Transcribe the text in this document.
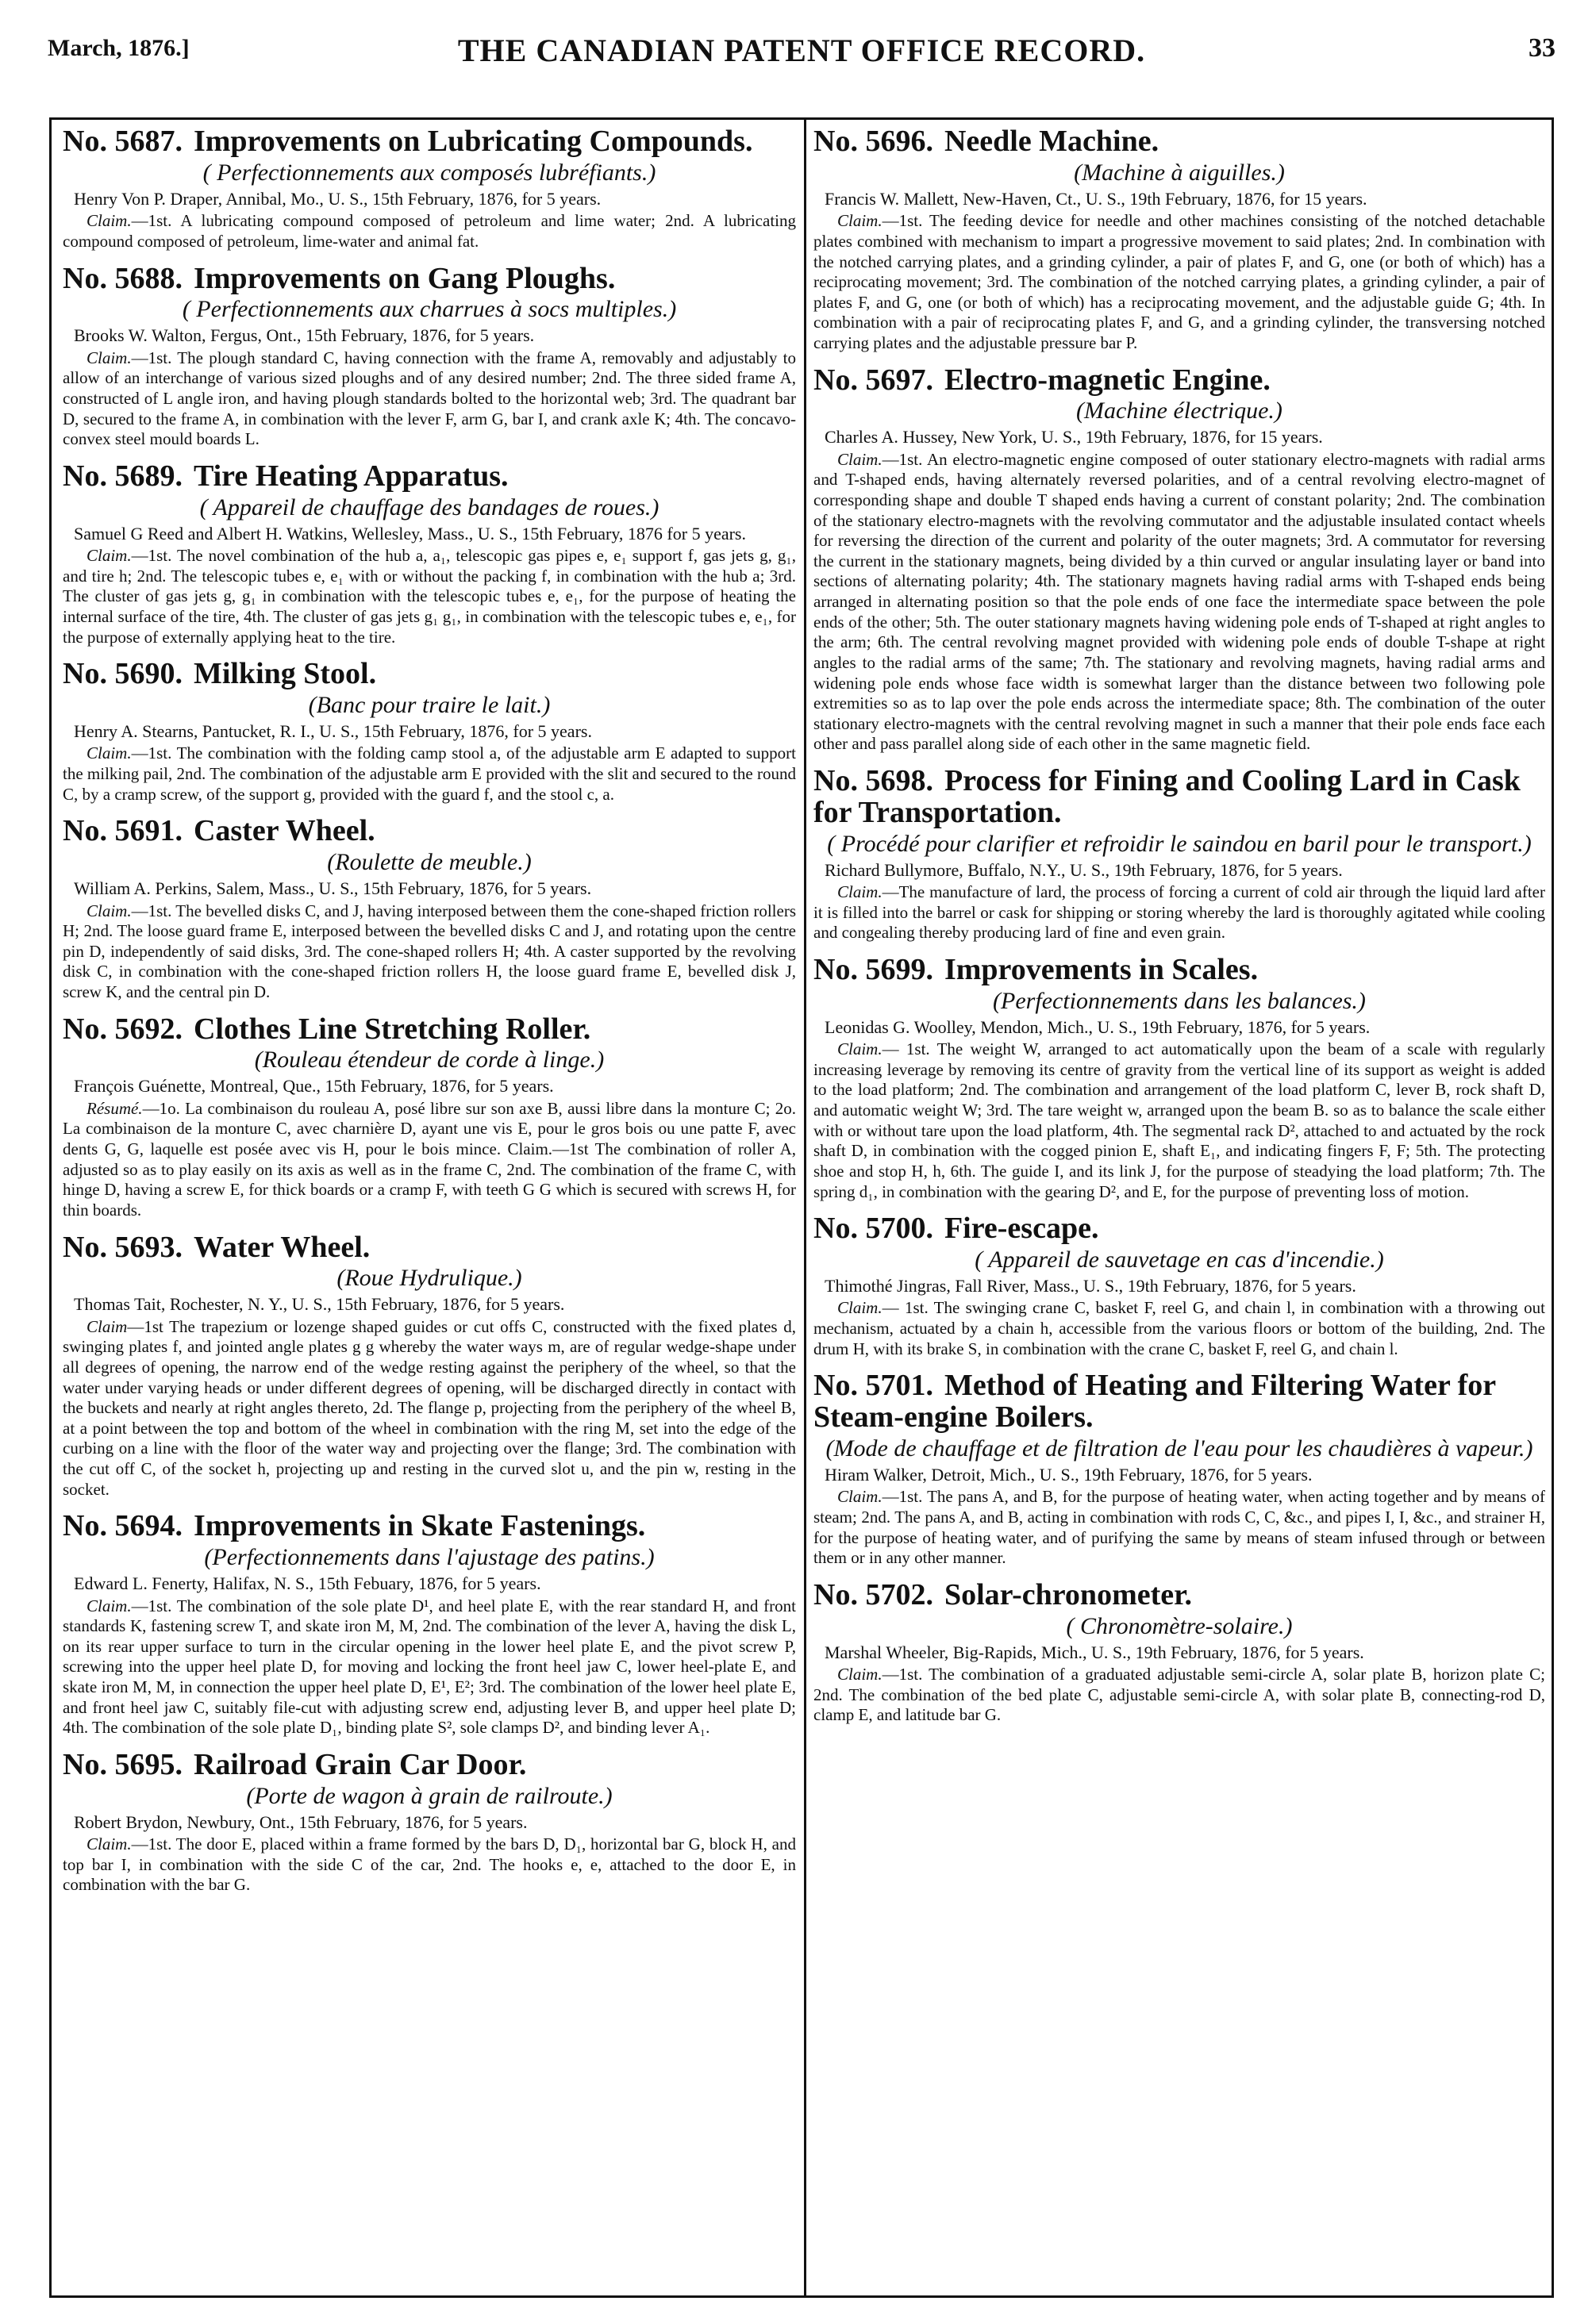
March, 1876.]	THE CANADIAN PATENT OFFICE RECORD.	33
No. 5687. Improvements on Lubricating Compounds.
( Perfectionnements aux composés lubréfiants.)
Henry Von P. Draper, Annibal, Mo., U. S., 15th February, 1876, for 5 years.
Claim.—1st. A lubricating compound composed of petroleum and lime water; 2nd. A lubricating compound composed of petroleum, lime-water and animal fat.
No. 5688. Improvements on Gang Ploughs.
( Perfectionnements aux charrues à socs multiples.)
Brooks W. Walton, Fergus, Ont., 15th February, 1876, for 5 years.
Claim.—1st. The plough standard C, having connection with the frame A, removably and adjustably to allow of an interchange of various sized ploughs and of any desired number; 2nd. The three sided frame A, constructed of L angle iron, and having plough standards bolted to the horizontal web; 3rd. The quadrant bar D, secured to the frame A, in combination with the lever F, arm G, bar I, and crank axle K; 4th. The concavo-convex steel mould boards L.
No. 5689. Tire Heating Apparatus.
( Appareil de chauffage des bandages de roues.)
Samuel G Reed and Albert H. Watkins, Wellesley, Mass., U. S., 15th February, 1876 for 5 years.
Claim.—1st. The novel combination of the hub a, a₁, telescopic gas pipes e, e₁ support f, gas jets g, g₁, and tire h; 2nd. The telescopic tubes e, e₁ with or without the packing f, in combination with the hub a; 3rd. The cluster of gas jets g, g₁ in combination with the telescopic tubes e, e₁, for the purpose of heating the internal surface of the tire, 4th. The cluster of gas jets g₁ g₁, in combination with the telescopic tubes e, e₁, for the purpose of externally applying heat to the tire.
No. 5690. Milking Stool.
(Banc pour traire le lait.)
Henry A. Stearns, Pantucket, R. I., U. S., 15th February, 1876, for 5 years.
Claim.—1st. The combination with the folding camp stool a, of the adjustable arm E adapted to support the milking pail, 2nd. The combination of the adjustable arm E provided with the slit and secured to the round C, by a cramp screw, of the support g, provided with the guard f, and the stool c, a.
No. 5691. Caster Wheel.
(Roulette de meuble.)
William A. Perkins, Salem, Mass., U. S., 15th February, 1876, for 5 years.
Claim.—1st. The bevelled disks C, and J, having interposed between them the cone-shaped friction rollers H; 2nd. The loose guard frame E, interposed between the bevelled disks C and J, and rotating upon the centre pin D, independently of said disks, 3rd. The cone-shaped rollers H; 4th. A caster supported by the revolving disk C, in combination with the cone-shaped friction rollers H, the loose guard frame E, bevelled disk J, screw K, and the central pin D.
No. 5692. Clothes Line Stretching Roller.
(Rouleau étendeur de corde à linge.)
François Guénette, Montreal, Que., 15th February, 1876, for 5 years.
Résumé.—1o. La combinaison du rouleau A, posé libre sur son axe B, aussi libre dans la monture C; 2o. La combinaison de la monture C, avec charnière D, ayant une vis E, pour le gros bois ou une patte F, avec dents G, G, laquelle est posée avec vis H, pour le bois mince. Claim.—1st The combination of roller A, adjusted so as to play easily on its axis as well as in the frame C, 2nd. The combination of the frame C, with hinge D, having a screw E, for thick boards or a cramp F, with teeth G G which is secured with screws H, for thin boards.
No. 5693. Water Wheel.
(Roue Hydrulique.)
Thomas Tait, Rochester, N. Y., U. S., 15th February, 1876, for 5 years.
Claim—1st The trapezium or lozenge shaped guides or cut offs C, constructed with the fixed plates d, swinging plates f, and jointed angle plates g g whereby the water ways m, are of regular wedge-shape under all degrees of opening, the narrow end of the wedge resting against the periphery of the wheel, so that the water under varying heads or under different degrees of opening, will be discharged directly in contact with the buckets and nearly at right angles thereto, 2d. The flange p, projecting from the periphery of the wheel B, at a point between the top and bottom of the wheel in combination with the ring M, set into the edge of the curbing on a line with the floor of the water way and projecting over the flange; 3rd. The combination with the cut off C, of the socket h, projecting up and resting in the curved slot u, and the pin w, resting in the socket.
No. 5694. Improvements in Skate Fastenings.
(Perfectionnements dans l'ajustage des patins.)
Edward L. Fenerty, Halifax, N. S., 15th Febuary, 1876, for 5 years.
Claim.—1st. The combination of the sole plate D¹, and heel plate E, with the rear standard H, and front standards K, fastening screw T, and skate iron M, M, 2nd. The combination of the lever A, having the disk L, on its rear upper surface to turn in the circular opening in the lower heel plate E, and the pivot screw P, screwing into the upper heel plate D, for moving and locking the front heel jaw C, lower heel-plate E, and skate iron M, M, in connection the upper heel plate D, E¹, E²; 3rd. The combination of the lower heel plate E, and front heel jaw C, suitably file-cut with adjusting screw end, adjusting lever B, and upper heel plate D; 4th. The combination of the sole plate D₁, binding plate S², sole clamps D², and binding lever A₁.
No. 5695. Railroad Grain Car Door.
(Porte de wagon à grain de railroute.)
Robert Brydon, Newbury, Ont., 15th February, 1876, for 5 years.
Claim.—1st. The door E, placed within a frame formed by the bars D, D₁, horizontal bar G, block H, and top bar I, in combination with the side C of the car, 2nd. The hooks e, e, attached to the door E, in combination with the bar G.
No. 5696. Needle Machine.
(Machine à aiguilles.)
Francis W. Mallett, New-Haven, Ct., U. S., 19th February, 1876, for 15 years.
Claim.—1st. The feeding device for needle and other machines consisting of the notched detachable plates combined with mechanism to impart a progressive movement to said plates; 2nd. In combination with the notched carrying plates, and a grinding cylinder, a pair of plates F, and G, one (or both of which) has a reciprocating movement; 3rd. The combination of the notched carrying plates, a grinding cylinder, a pair of plates F, and G, one (or both of which) has a reciprocating movement, and the adjustable guide G; 4th. In combination with a pair of reciprocating plates F, and G, and a grinding cylinder, the transversing notched carrying plates and the adjustable pressure bar P.
No. 5697. Electro-magnetic Engine.
(Machine électrique.)
Charles A. Hussey, New York, U. S., 19th February, 1876, for 15 years.
Claim.—1st. An electro-magnetic engine composed of outer stationary electro-magnets with radial arms and T-shaped ends, having alternately reversed polarities, and of a central revolving electro-magnet of corresponding shape and double T shaped ends having a current of constant polarity; 2nd. The combination of the stationary electro-magnets with the revolving commutator and the adjustable insulated contact wheels for reversing the direction of the current and polarity of the outer magnets; 3rd. A commutator for reversing the current in the stationary magnets, being divided by a thin curved or angular insulating layer or band into sections of alternating polarity; 4th. The stationary magnets having radial arms with T-shaped ends being arranged in alternating position so that the pole ends of one face the intermediate space between the pole ends of the other; 5th. The outer stationary magnets having widening pole ends of T-shaped at right angles to the arm; 6th. The central revolving magnet provided with widening pole ends of double T-shape at right angles to the radial arms of the same; 7th. The stationary and revolving magnets, having radial arms and widening pole ends whose face width is somewhat larger than the distance between two following pole extremities so as to lap over the pole ends across the intermediate space; 8th. The combination of the outer stationary electro-magnets with the central revolving magnet in such a manner that their pole ends face each other and pass parallel along side of each other in the same magnetic field.
No. 5698. Process for Fining and Cooling Lard in Cask for Transportation.
( Procédé pour clarifier et refroidir le saindou en baril pour le transport.)
Richard Bullymore, Buffalo, N.Y., U. S., 19th February, 1876, for 5 years.
Claim.—The manufacture of lard, the process of forcing a current of cold air through the liquid lard after it is filled into the barrel or cask for shipping or storing whereby the lard is thoroughly agitated while cooling and congealing thereby producing lard of fine and even grain.
No. 5699. Improvements in Scales.
(Perfectionnements dans les balances.)
Leonidas G. Woolley, Mendon, Mich., U. S., 19th February, 1876, for 5 years.
Claim.— 1st. The weight W, arranged to act automatically upon the beam of a scale with regularly increasing leverage by removing its centre of gravity from the vertical line of its support as weight is added to the load platform; 2nd. The combination and arrangement of the load platform C, lever B, rock shaft D, and automatic weight W; 3rd. The tare weight w, arranged upon the beam B. so as to balance the scale either with or without tare upon the load platform, 4th. The segmental rack D², attached to and actuated by the rock shaft D, in combination with the cogged pinion E, shaft E₁, and indicating fingers F, F; 5th. The protecting shoe and stop H, h, 6th. The guide I, and its link J, for the purpose of steadying the load platform; 7th. The spring d₁, in combination with the gearing D², and E, for the purpose of preventing loss of motion.
No. 5700. Fire-escape.
( Appareil de sauvetage en cas d'incendie.)
Thimothé Jingras, Fall River, Mass., U. S., 19th February, 1876, for 5 years.
Claim.— 1st. The swinging crane C, basket F, reel G, and chain l, in combination with a throwing out mechanism, actuated by a chain h, accessible from the various floors or bottom of the building, 2nd. The drum H, with its brake S, in combination with the crane C, basket F, reel G, and chain l.
No. 5701. Method of Heating and Filtering Water for Steam-engine Boilers.
(Mode de chauffage et de filtration de l'eau pour les chaudières à vapeur.)
Hiram Walker, Detroit, Mich., U. S., 19th February, 1876, for 5 years.
Claim.—1st. The pans A, and B, for the purpose of heating water, when acting together and by means of steam; 2nd. The pans A, and B, acting in combination with rods C, C, &c., and pipes I, I, &c., and strainer H, for the purpose of heating water, and of purifying the same by means of steam infused through or between them or in any other manner.
No. 5702. Solar-chronometer.
( Chronomètre-solaire.)
Marshal Wheeler, Big-Rapids, Mich., U. S., 19th February, 1876, for 5 years.
Claim.—1st. The combination of a graduated adjustable semi-circle A, solar plate B, horizon plate C; 2nd. The combination of the bed plate C, adjustable semi-circle A, with solar plate B, connecting-rod D, clamp E, and latitude bar G.
